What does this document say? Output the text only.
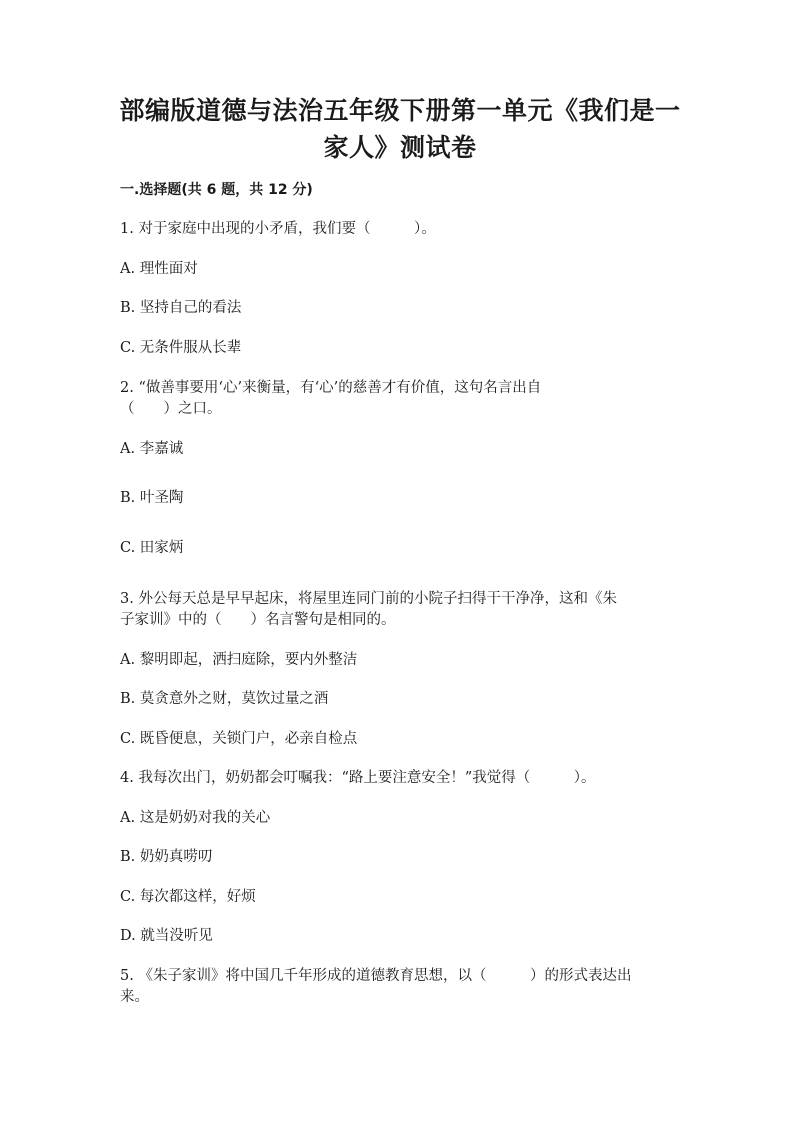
部编版道德与法治五年级下册第一单元《我们是一
家人》测试卷
一.选择题(共 6 题，共 12 分)
1. 对于家庭中出现的小矛盾，我们要（　　　）。
A. 理性面对
B. 坚持自己的看法
C. 无条件服从长辈
2. “做善事要用‘心’来衡量，有‘心’的慈善才有价值，这句名言出自
（　　）之口。
A. 李嘉诚
B. 叶圣陶
C. 田家炳
3. 外公每天总是早早起床，将屋里连同门前的小院子扫得干干净净，这和《朱
子家训》中的（　　）名言警句是相同的。
A. 黎明即起，洒扫庭除，要内外整洁
B. 莫贪意外之财，莫饮过量之酒
C. 既昏便息，关锁门户，必亲自检点
4. 我每次出门，奶奶都会叮嘱我：“路上要注意安全！”我觉得（　　　）。
A. 这是奶奶对我的关心
B. 奶奶真唠叨
C. 每次都这样，好烦
D. 就当没听见
5. 《朱子家训》将中国几千年形成的道德教育思想，以（　　　）的形式表达出
来。
